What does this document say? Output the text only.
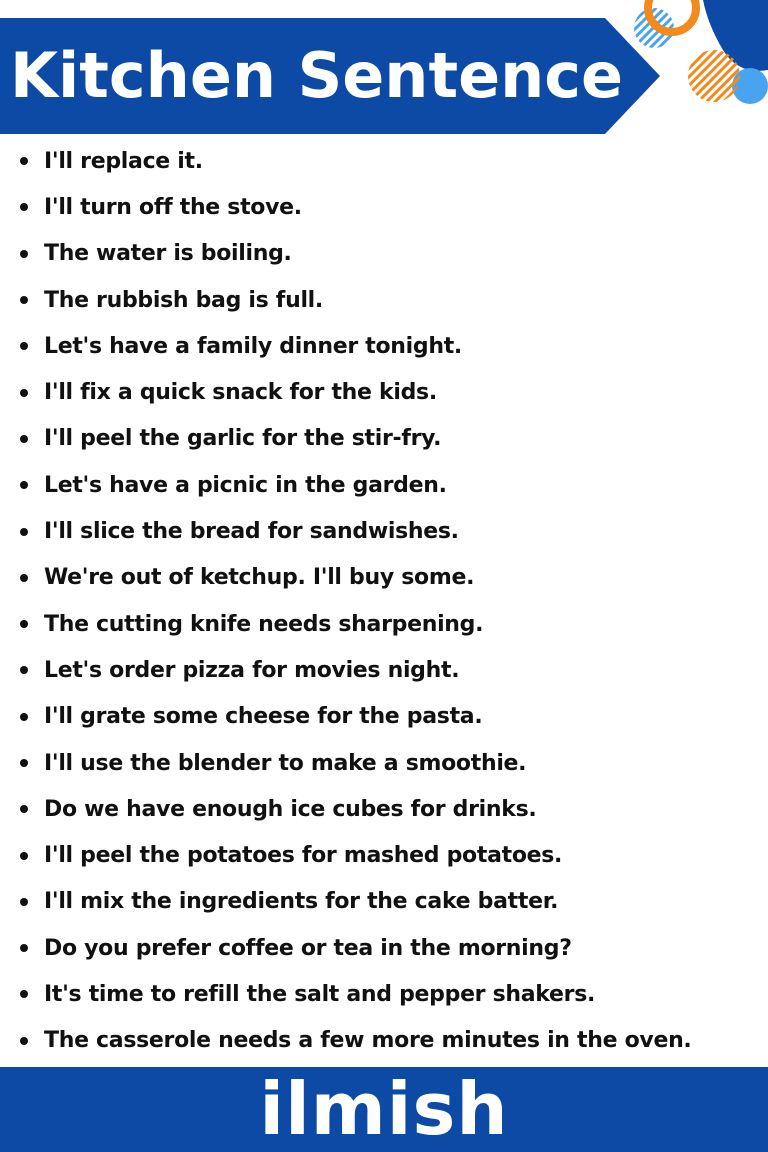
Kitchen Sentence
I'll replace it.
I'll turn off the stove.
The water is boiling.
The rubbish bag is full.
Let's have a family dinner tonight.
I'll fix a quick snack for the kids.
I'll peel the garlic for the stir-fry.
Let's have a picnic in the garden.
I'll slice the bread for sandwishes.
We're out of ketchup. I'll buy some.
The cutting knife needs sharpening.
Let's order pizza for movies night.
I'll grate some cheese for the pasta.
I'll use the blender to make a smoothie.
Do we have enough ice cubes for drinks.
I'll peel the potatoes for mashed potatoes.
I'll mix the ingredients for the cake batter.
Do you prefer coffee or tea in the morning?
It's time to refill the salt and pepper shakers.
The casserole needs a few more minutes in the oven.
ilmish
